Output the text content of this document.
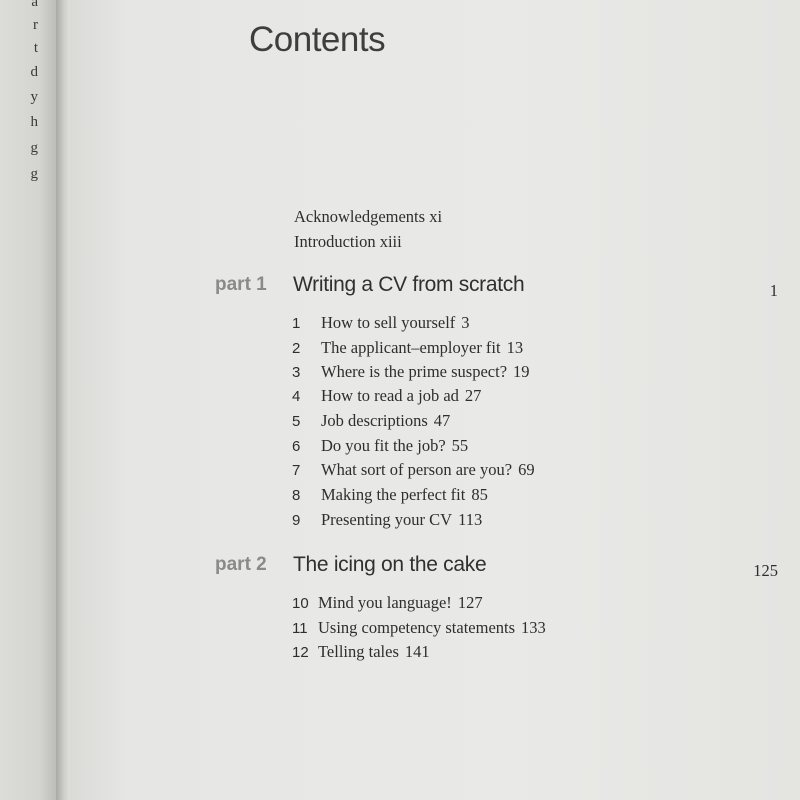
a
r
t
d
y
h
g
g
Contents
Acknowledgements xi
Introduction xiii
part 1 Writing a CV from scratch	1
1 How to sell yourself 3
2 The applicant–employer fit 13
3 Where is the prime suspect? 19
4 How to read a job ad 27
5 Job descriptions 47
6 Do you fit the job? 55
7 What sort of person are you? 69
8 Making the perfect fit 85
9 Presenting your CV 113
part 2 The icing on the cake	125
10 Mind you language! 127
11 Using competency statements 133
12 Telling tales 141
